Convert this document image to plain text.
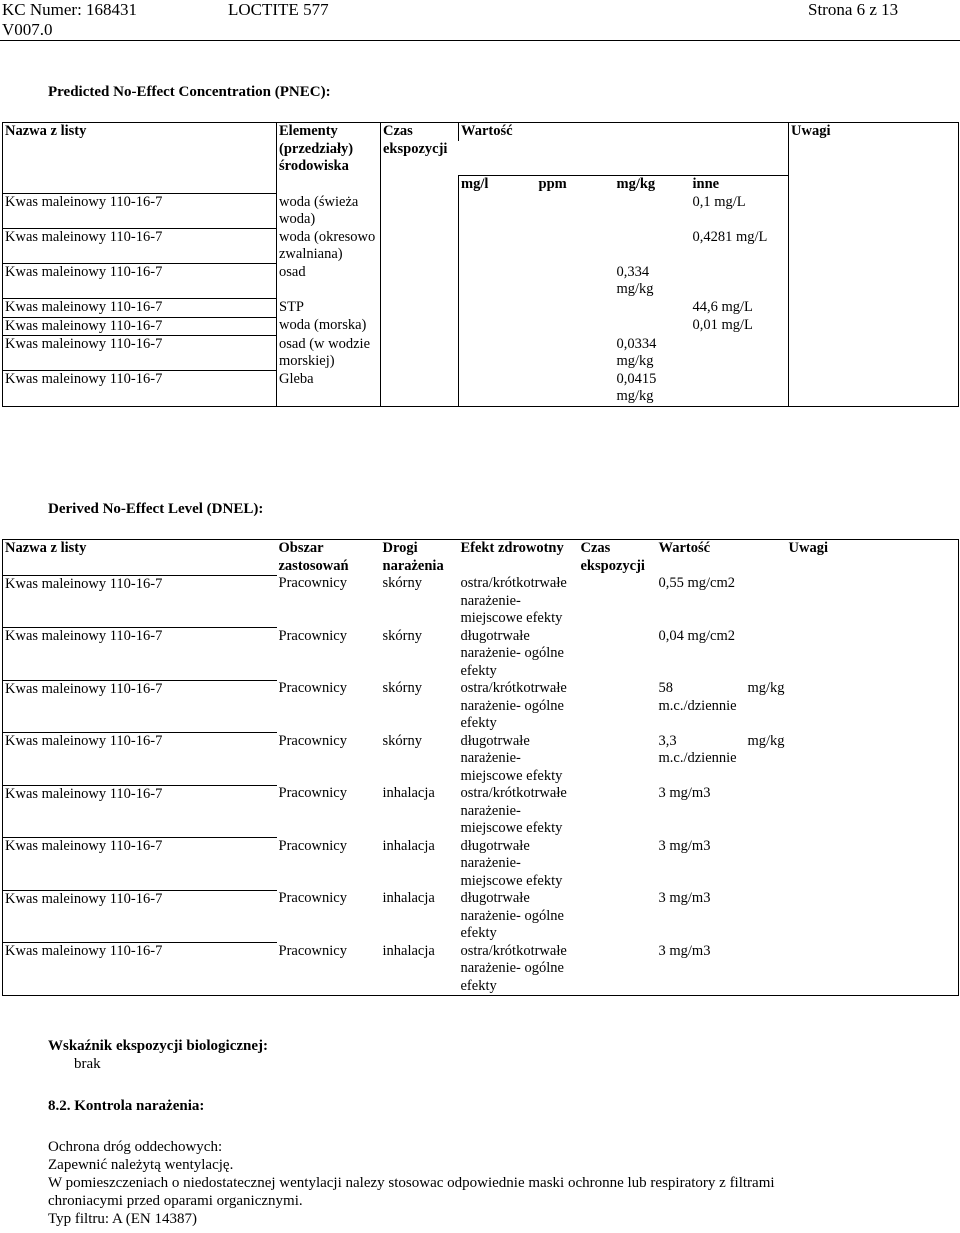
KC Numer: 168431	LOCTITE 577	Strona 6 z 13
V007.0
Predicted No-Effect Concentration (PNEC):
Nazwa z listy	Elementy (przedziały) środowiska	Czas ekspozycji	Wartość				Uwagi

			mg/l	ppm	mg/kg	inne	
Kwas maleinowy 110-16-7	woda (świeża woda)					0,1 mg/L	
Kwas maleinowy 110-16-7	woda (okresowo zwalniana)					0,4281 mg/L	
Kwas maleinowy 110-16-7	osad				0,334 mg/kg		
Kwas maleinowy 110-16-7	STP					44,6 mg/L	
Kwas maleinowy 110-16-7	woda (morska)					0,01 mg/L	
Kwas maleinowy 110-16-7	osad (w wodzie morskiej)				0,0334 mg/kg		
Kwas maleinowy 110-16-7	Gleba				0,0415 mg/kg		
Derived No-Effect Level (DNEL):
Nazwa z listy	Obszar zastosowań	Drogi narażenia	Efekt zdrowotny	Czas ekspozycji	Wartość	Uwagi
Kwas maleinowy 110-16-7	Pracownicy	skórny	ostra/krótkotrwałe narażenie- miejscowe efekty		0,55 mg/cm2	
Kwas maleinowy 110-16-7	Pracownicy	skórny	długotrwałe narażenie- ogólne efekty		0,04 mg/cm2	
Kwas maleinowy 110-16-7	Pracownicy	skórny	ostra/krótkotrwałe narażenie- ogólne efekty		58 mg/kg m.c./dziennie	
Kwas maleinowy 110-16-7	Pracownicy	skórny	długotrwałe narażenie- miejscowe efekty		3,3 mg/kg m.c./dziennie	
Kwas maleinowy 110-16-7	Pracownicy	inhalacja	ostra/krótkotrwałe narażenie- miejscowe efekty		3 mg/m3	
Kwas maleinowy 110-16-7	Pracownicy	inhalacja	długotrwałe narażenie- miejscowe efekty		3 mg/m3	
Kwas maleinowy 110-16-7	Pracownicy	inhalacja	długotrwałe narażenie- ogólne efekty		3 mg/m3	
Kwas maleinowy 110-16-7	Pracownicy	inhalacja	ostra/krótkotrwałe narażenie- ogólne efekty		3 mg/m3	
Wskaźnik ekspozycji biologicznej:
brak
8.2. Kontrola narażenia:
Ochrona dróg oddechowych:
Zapewnić należytą wentylację.
W pomieszczeniach o niedostatecznej wentylacji nalezy stosowac odpowiednie maski ochronne lub respiratory z filtrami
chroniacymi przed oparami organicznymi.
Typ filtru: A (EN 14387)
